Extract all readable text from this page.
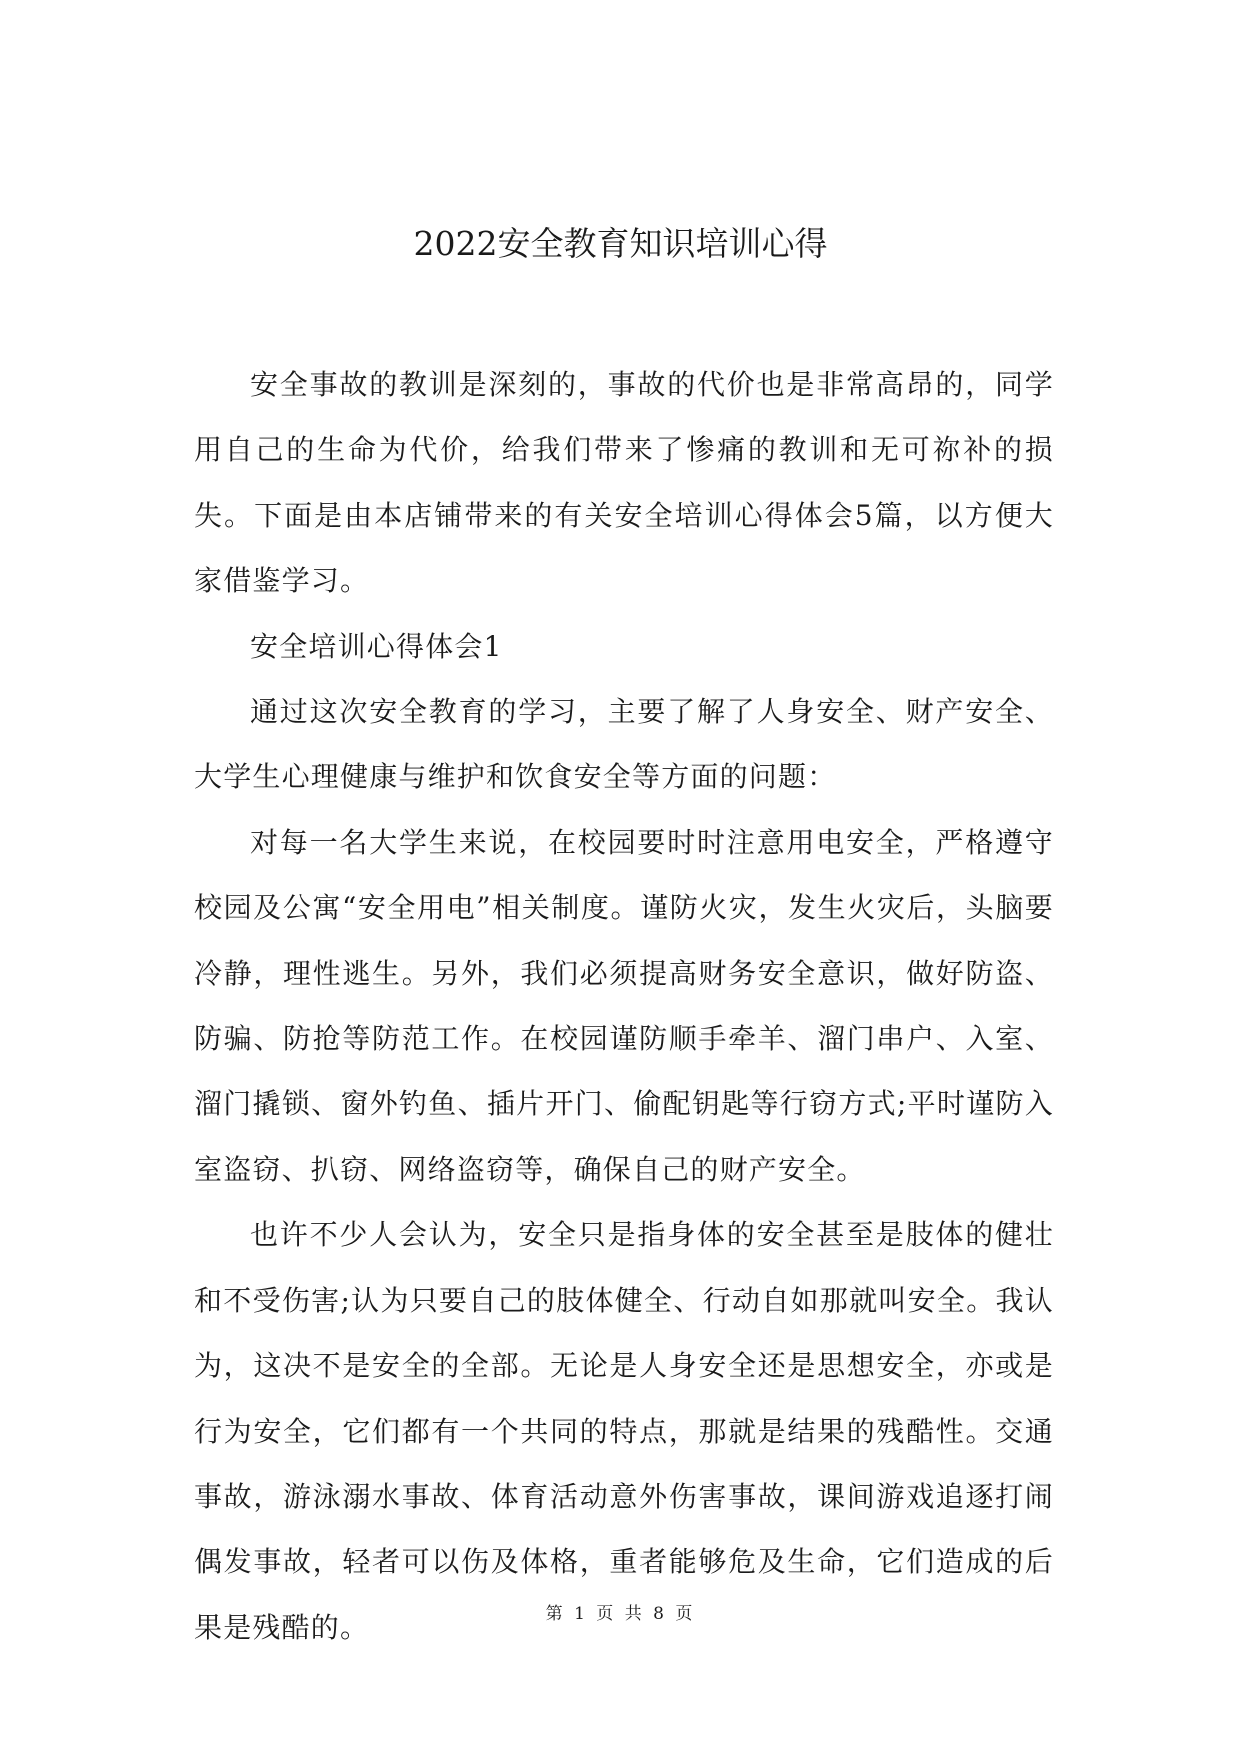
2022安全教育知识培训心得

安全事故的教训是深刻的，事故的代价也是非常高昂的，同学用自己的生命为代价，给我们带来了惨痛的教训和无可祢补的损失。下面是由本店铺带来的有关安全培训心得体会5篇，以方便大家借鉴学习。

安全培训心得体会1

通过这次安全教育的学习，主要了解了人身安全、财产安全、大学生心理健康与维护和饮食安全等方面的问题：

对每一名大学生来说，在校园要时时注意用电安全，严格遵守校园及公寓“安全用电”相关制度。谨防火灾，发生火灾后，头脑要冷静，理性逃生。另外，我们必须提高财务安全意识，做好防盗、防骗、防抢等防范工作。在校园谨防顺手牵羊、溜门串户、入室、溜门撬锁、窗外钓鱼、插片开门、偷配钥匙等行窃方式;平时谨防入室盗窃、扒窃、网络盗窃等，确保自己的财产安全。

也许不少人会认为，安全只是指身体的安全甚至是肢体的健壮和不受伤害;认为只要自己的肢体健全、行动自如那就叫安全。我认为，这决不是安全的全部。无论是人身安全还是思想安全，亦或是行为安全，它们都有一个共同的特点，那就是结果的残酷性。交通事故，游泳溺水事故、体育活动意外伤害事故，课间游戏追逐打闹偶发事故，轻者可以伤及体格，重者能够危及生命，它们造成的后果是残酷的。	第 1 页 共 8 页
